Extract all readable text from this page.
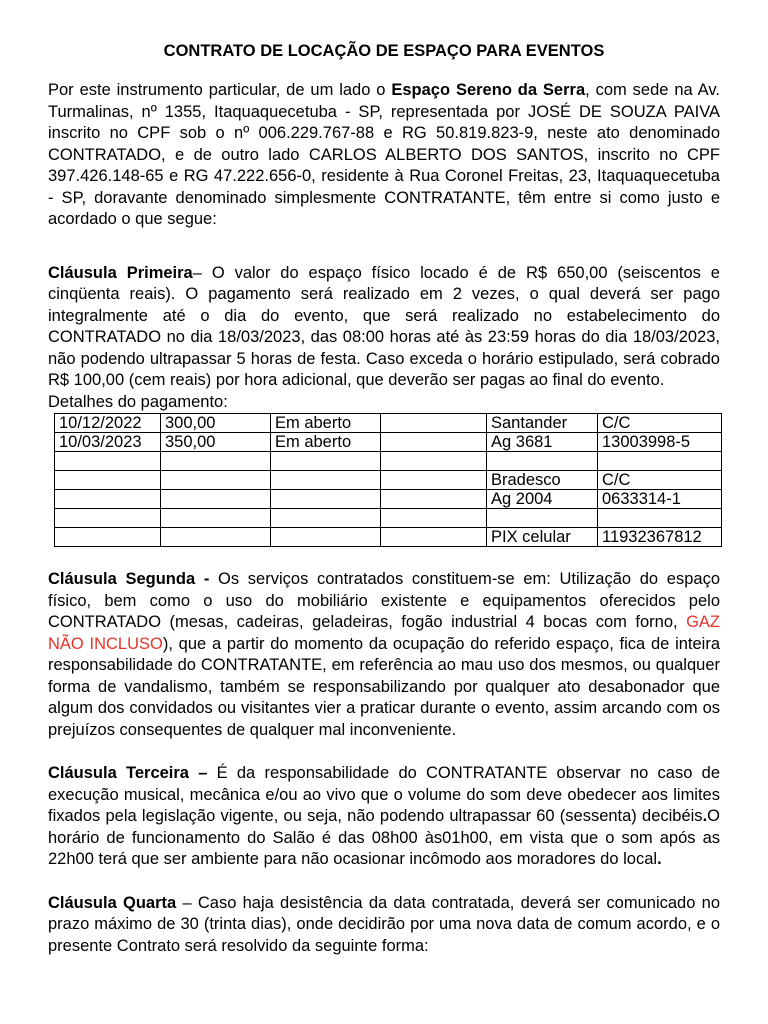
CONTRATO DE LOCAÇÃO DE ESPAÇO PARA EVENTOS

Por este instrumento particular, de um lado o Espaço Sereno da Serra, com sede na Av. Turmalinas, nº 1355, Itaquaquecetuba - SP, representada por JOSÉ DE SOUZA PAIVA inscrito no CPF sob o nº 006.229.767-88 e RG 50.819.823-9, neste ato denominado CONTRATADO, e de outro lado CARLOS ALBERTO DOS SANTOS, inscrito no CPF 397.426.148-65 e RG 47.222.656-0, residente à Rua Coronel Freitas, 23, Itaquaquecetuba - SP, doravante denominado simplesmente CONTRATANTE, têm entre si como justo e acordado o que segue:

Cláusula Primeira– O valor do espaço físico locado é de R$ 650,00 (seiscentos e cinqüenta reais). O pagamento será realizado em 2 vezes, o qual deverá ser pago integralmente até o dia do evento, que será realizado no estabelecimento do CONTRATADO no dia 18/03/2023, das 08:00 horas até às 23:59 horas do dia 18/03/2023, não podendo ultrapassar 5 horas de festa. Caso exceda o horário estipulado, será cobrado R$ 100,00 (cem reais) por hora adicional, que deverão ser pagas ao final do evento.

Detalhes do pagamento:

10/12/2022	300,00	Em aberto		Santander	C/C
10/03/2023	350,00	Em aberto		Ag 3681	13003998-5

				Bradesco	C/C
				Ag 2004	0633314-1

				PIX celular	11932367812

Cláusula Segunda - Os serviços contratados constituem-se em: Utilização do espaço físico, bem como o uso do mobiliário existente e equipamentos oferecidos pelo CONTRATADO (mesas, cadeiras, geladeiras, fogão industrial 4 bocas com forno, GAZ NÃO INCLUSO), que a partir do momento da ocupação do referido espaço, fica de inteira responsabilidade do CONTRATANTE, em referência ao mau uso dos mesmos, ou qualquer forma de vandalismo, também se responsabilizando por qualquer ato desabonador que algum dos convidados ou visitantes vier a praticar durante o evento, assim arcando com os prejuízos consequentes de qualquer mal inconveniente.

Cláusula Terceira – É da responsabilidade do CONTRATANTE observar no caso de execução musical, mecânica e/ou ao vivo que o volume do som deve obedecer aos limites fixados pela legislação vigente, ou seja, não podendo ultrapassar 60 (sessenta) decibéis.O horário de funcionamento do Salão é das 08h00 às01h00, em vista que o som após as 22h00 terá que ser ambiente para não ocasionar incômodo aos moradores do local.

Cláusula Quarta – Caso haja desistência da data contratada, deverá ser comunicado no prazo máximo de 30 (trinta dias), onde decidirão por uma nova data de comum acordo, e o presente Contrato será resolvido da seguinte forma:
